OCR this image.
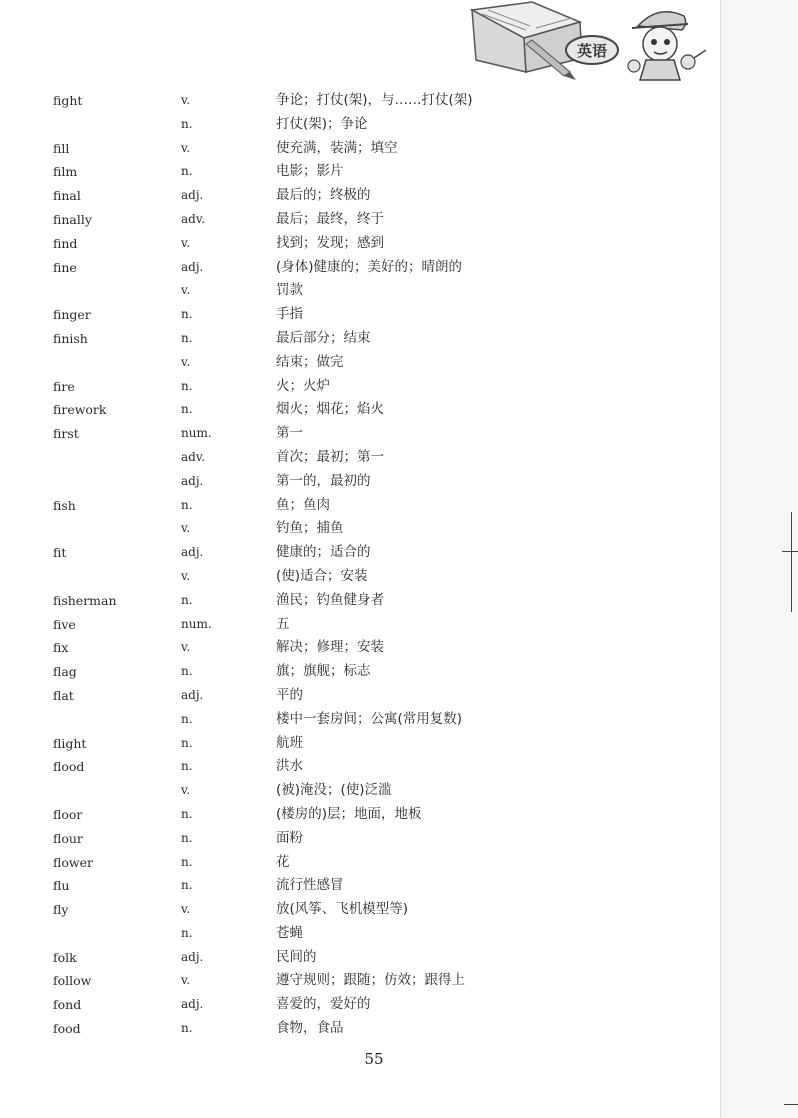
英语
fight	v.	争论；打仗(架)，与……打仗(架)
n.	打仗(架)；争论
fill	v.	使充满，装满；填空
film	n.	电影；影片
final	adj.	最后的；终极的
finally	adv.	最后；最终，终于
find	v.	找到；发现；感到
fine	adj.	(身体)健康的；美好的；晴朗的
v.	罚款
finger	n.	手指
finish	n.	最后部分；结束
v.	结束；做完
fire	n.	火；火炉
firework	n.	烟火；烟花；焰火
first	num.	第一
adv.	首次；最初；第一
adj.	第一的，最初的
fish	n.	鱼；鱼肉
v.	钓鱼；捕鱼
fit	adj.	健康的；适合的
v.	(使)适合；安装
fisherman	n.	渔民；钓鱼健身者
five	num.	五
fix	v.	解决；修理；安装
flag	n.	旗；旗舰；标志
flat	adj.	平的
n.	楼中一套房间；公寓(常用复数)
flight	n.	航班
flood	n.	洪水
v.	(被)淹没；(使)泛滥
floor	n.	(楼房的)层；地面，地板
flour	n.	面粉
flower	n.	花
flu	n.	流行性感冒
fly	v.	放(风筝、飞机模型等)
n.	苍蝇
folk	adj.	民间的
follow	v.	遵守规则；跟随；仿效；跟得上
fond	adj.	喜爱的，爱好的
food	n.	食物，食品
55
